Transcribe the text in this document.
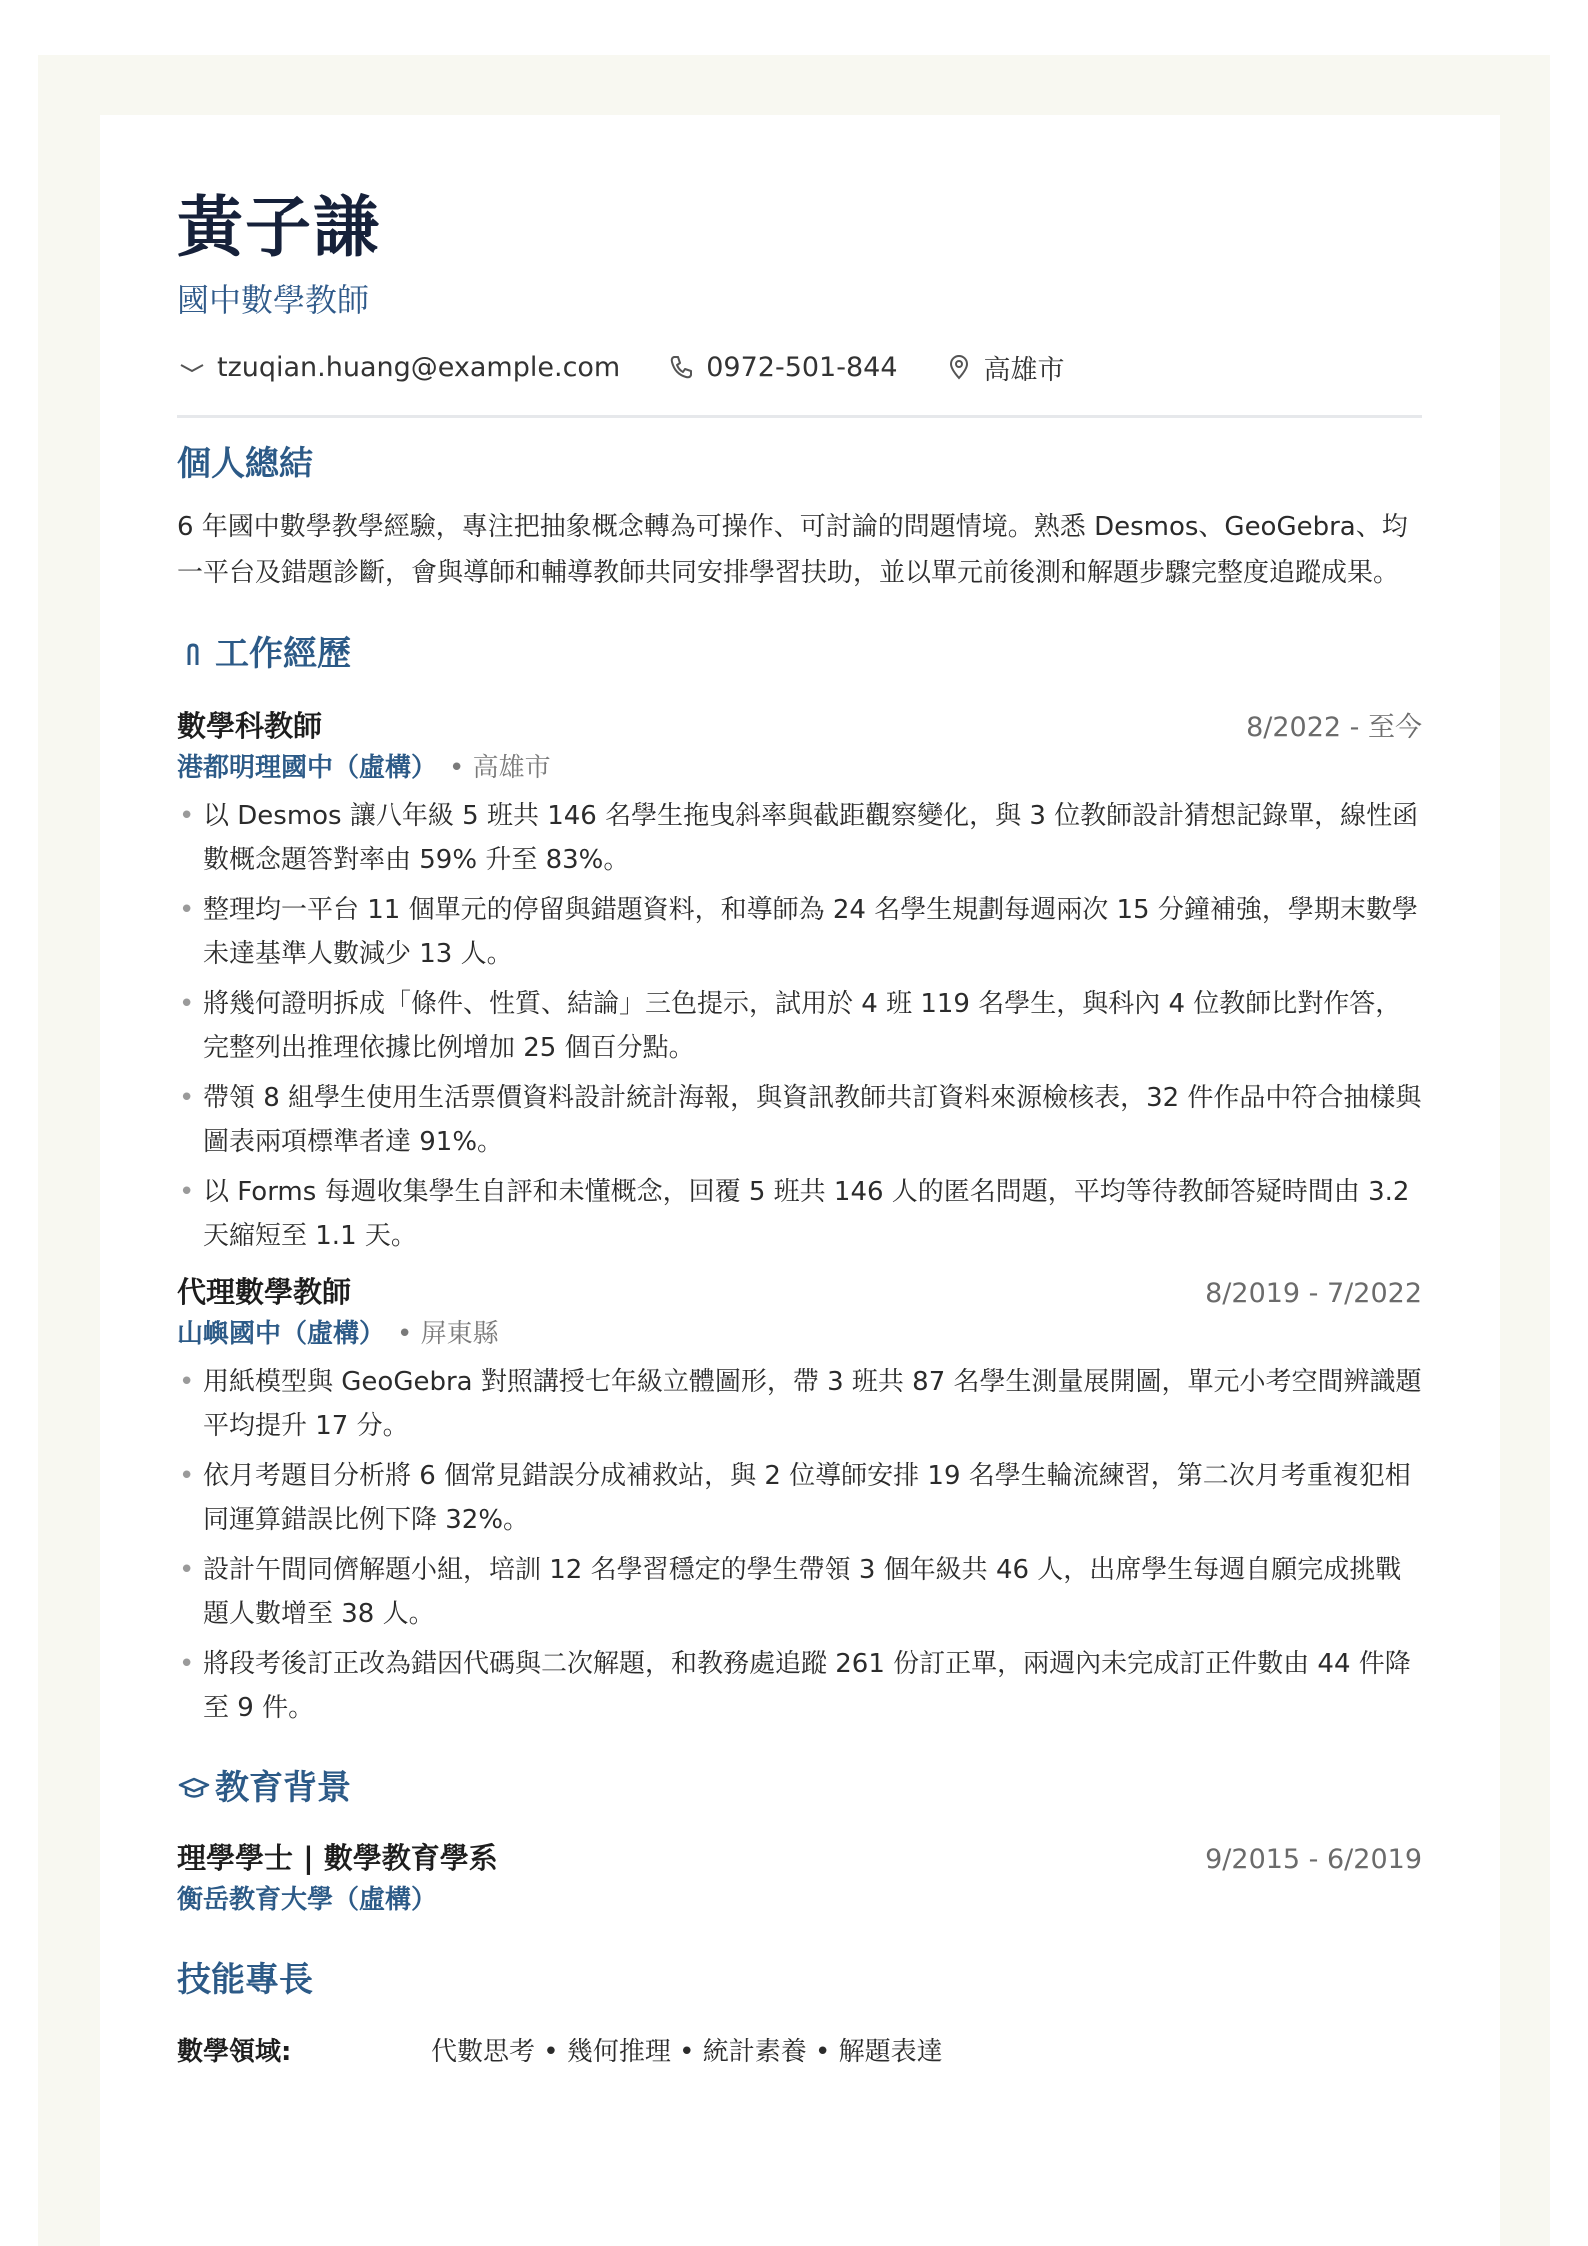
黃子謙
國中數學教師
tzuqian.huang@example.com	0972-501-844	高雄市
個人總結
6 年國中數學教學經驗，專注把抽象概念轉為可操作、可討論的問題情境。熟悉 Desmos、GeoGebra、均一平台及錯題診斷，會與導師和輔導教師共同安排學習扶助，並以單元前後測和解題步驟完整度追蹤成果。
工作經歷
數學科教師	8/2022 - 至今
港都明理國中（虛構） • 高雄市
• 以 Desmos 讓八年級 5 班共 146 名學生拖曳斜率與截距觀察變化，與 3 位教師設計猜想記錄單，線性函數概念題答對率由 59% 升至 83%。
• 整理均一平台 11 個單元的停留與錯題資料，和導師為 24 名學生規劃每週兩次 15 分鐘補強，學期末數學未達基準人數減少 13 人。
• 將幾何證明拆成「條件、性質、結論」三色提示，試用於 4 班 119 名學生，與科內 4 位教師比對作答，完整列出推理依據比例增加 25 個百分點。
• 帶領 8 組學生使用生活票價資料設計統計海報，與資訊教師共訂資料來源檢核表，32 件作品中符合抽樣與圖表兩項標準者達 91%。
• 以 Forms 每週收集學生自評和未懂概念，回覆 5 班共 146 人的匿名問題，平均等待教師答疑時間由 3.2 天縮短至 1.1 天。
代理數學教師	8/2019 - 7/2022
山嶼國中（虛構） • 屏東縣
• 用紙模型與 GeoGebra 對照講授七年級立體圖形，帶 3 班共 87 名學生測量展開圖，單元小考空間辨識題平均提升 17 分。
• 依月考題目分析將 6 個常見錯誤分成補救站，與 2 位導師安排 19 名學生輪流練習，第二次月考重複犯相同運算錯誤比例下降 32%。
• 設計午間同儕解題小組，培訓 12 名學習穩定的學生帶領 3 個年級共 46 人，出席學生每週自願完成挑戰題人數增至 38 人。
• 將段考後訂正改為錯因代碼與二次解題，和教務處追蹤 261 份訂正單，兩週內未完成訂正件數由 44 件降至 9 件。
教育背景
理學學士 | 數學教育學系	9/2015 - 6/2019
衡岳教育大學（虛構）
技能專長
數學領域:	代數思考 • 幾何推理 • 統計素養 • 解題表達
